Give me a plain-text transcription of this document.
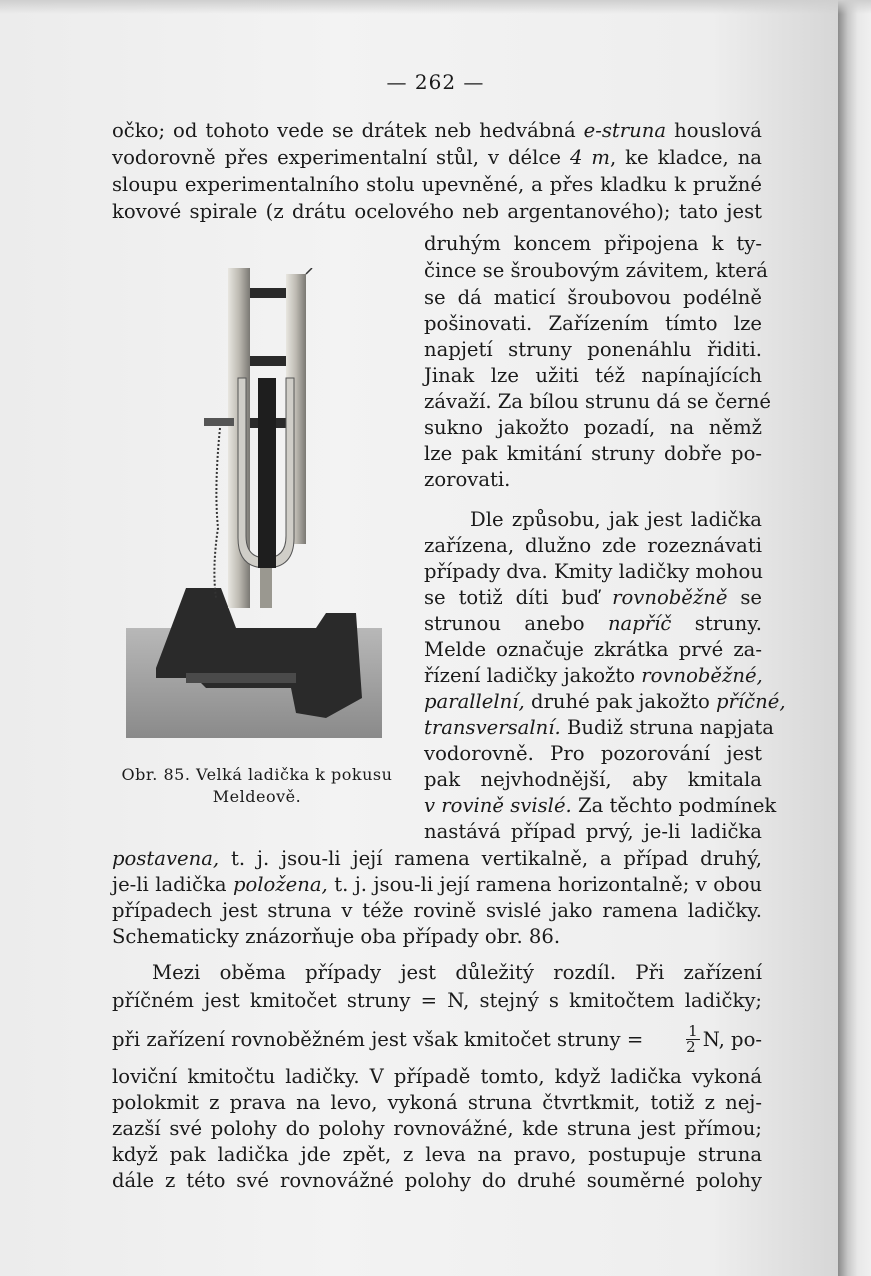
— 262 —
očko; od tohoto vede se drátek neb hedvábná e-struna houslová
vodorovně přes experimentalní stůl, v délce 4 m, ke kladce, na
sloupu experimentalního stolu upevněné, a přes kladku k pružné
kovové spirale (z drátu ocelového neb argentanového); tato jest
druhým koncem připojena k ty-
čince se šroubovým závitem, která
se dá maticí šroubovou podélně
pošinovati. Zařízením tímto lze
napjetí struny ponenáhlu řiditi.
Jinak lze užiti též napínajících
závaží. Za bílou strunu dá se černé
sukno jakožto pozadí, na němž
lze pak kmitání struny dobře po-
zorovati.
Dle způsobu, jak jest ladička
zařízena, dlužno zde rozeznávati
případy dva. Kmity ladičky mohou
se totiž díti buď rovnoběžně se
strunou anebo napříč struny.
Melde označuje zkrátka prvé za-
řízení ladičky jakožto rovnoběžné,
parallelní, druhé pak jakožto příčné,
transversalní. Budiž struna napjata
vodorovně. Pro pozorování jest
pak nejvhodnější, aby kmitala
v rovině svislé. Za těchto podmínek
nastává případ prvý, je-li ladička
postavena, t. j. jsou-li její ramena vertikalně, a případ druhý,
je-li ladička položena, t. j. jsou-li její ramena horizontalně; v obou
případech jest struna v téže rovině svislé jako ramena ladičky.
Schematicky znázorňuje oba případy obr. 86.
Mezi oběma případy jest důležitý rozdíl. Při zařízení
příčném jest kmitočet struny = N, stejný s kmitočtem ladičky;
při zařízení rovnoběžném jest však kmitočet struny =	$\frac{1}{2} N$, po-
loviční kmitočtu ladičky. V případě tomto, když ladička vykoná
polokmit z prava na levo, vykoná struna čtvrtkmit, totiž z nej-
zazší své polohy do polohy rovnovážné, kde struna jest přímou;
když pak ladička jde zpět, z leva na pravo, postupuje struna
dále z této své rovnovážné polohy do druhé souměrné polohy
Obr. 85. Velká ladička k pokusu
Meldeově.
